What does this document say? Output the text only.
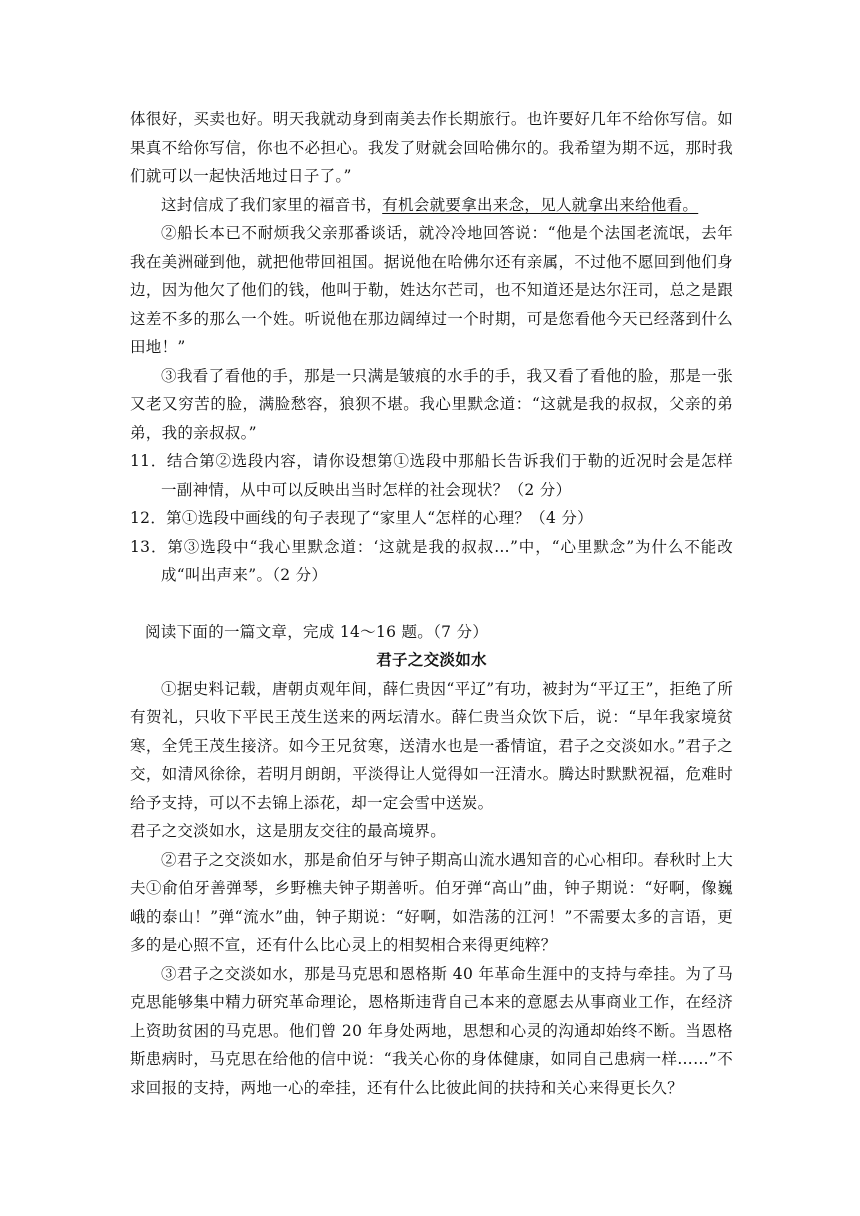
体很好，买卖也好。明天我就动身到南美去作长期旅行。也许要好几年不给你写信。如果真不给你写信，你也不必担心。我发了财就会回哈佛尔的。我希望为期不远，那时我们就可以一起快活地过日子了。”

这封信成了我们家里的福音书，有机会就要拿出来念，见人就拿出来给他看。

②船长本已不耐烦我父亲那番谈话，就冷冷地回答说：“他是个法国老流氓，去年我在美洲碰到他，就把他带回祖国。据说他在哈佛尔还有亲属，不过他不愿回到他们身边，因为他欠了他们的钱，他叫于勒，姓达尔芒司，也不知道还是达尔汪司，总之是跟这差不多的那么一个姓。听说他在那边阔绰过一个时期，可是您看他今天已经落到什么田地！”

③我看了看他的手，那是一只满是皱痕的水手的手，我又看了看他的脸，那是一张又老又穷苦的脸，满脸愁容，狼狈不堪。我心里默念道：“这就是我的叔叔，父亲的弟弟，我的亲叔叔。”

11．结合第②选段内容，请你设想第①选段中那船长告诉我们于勒的近况时会是怎样一副神情，从中可以反映出当时怎样的社会现状？（2 分）

12．第①选段中画线的句子表现了“家里人“怎样的心理？（4 分）

13．第③选段中“我心里默念道：‘这就是我的叔叔…”中，“心里默念”为什么不能改成“叫出声来”。（2 分）

阅读下面的一篇文章，完成 14～16 题。（7 分）

君子之交淡如水

①据史料记载，唐朝贞观年间，薛仁贵因“平辽”有功，被封为“平辽王”，拒绝了所有贺礼，只收下平民王茂生送来的两坛清水。薛仁贵当众饮下后，说：“早年我家境贫寒，全凭王茂生接济。如今王兄贫寒，送清水也是一番情谊，君子之交淡如水。”君子之交，如清风徐徐，若明月朗朗，平淡得让人觉得如一汪清水。腾达时默默祝福，危难时给予支持，可以不去锦上添花，却一定会雪中送炭。

君子之交淡如水，这是朋友交往的最高境界。

②君子之交淡如水，那是俞伯牙与钟子期高山流水遇知音的心心相印。春秋时上大夫①俞伯牙善弹琴，乡野樵夫钟子期善听。伯牙弹“高山”曲，钟子期说：“好啊，像巍峨的泰山！”弹“流水”曲，钟子期说：“好啊，如浩荡的江河！”不需要太多的言语，更多的是心照不宣，还有什么比心灵上的相契相合来得更纯粹？

③君子之交淡如水，那是马克思和恩格斯 40 年革命生涯中的支持与牵挂。为了马克思能够集中精力研究革命理论，恩格斯违背自己本来的意愿去从事商业工作，在经济上资助贫困的马克思。他们曾 20 年身处两地，思想和心灵的沟通却始终不断。当恩格斯患病时，马克思在给他的信中说：“我关心你的身体健康，如同自己患病一样……”不求回报的支持，两地一心的牵挂，还有什么比彼此间的扶持和关心来得更长久？
